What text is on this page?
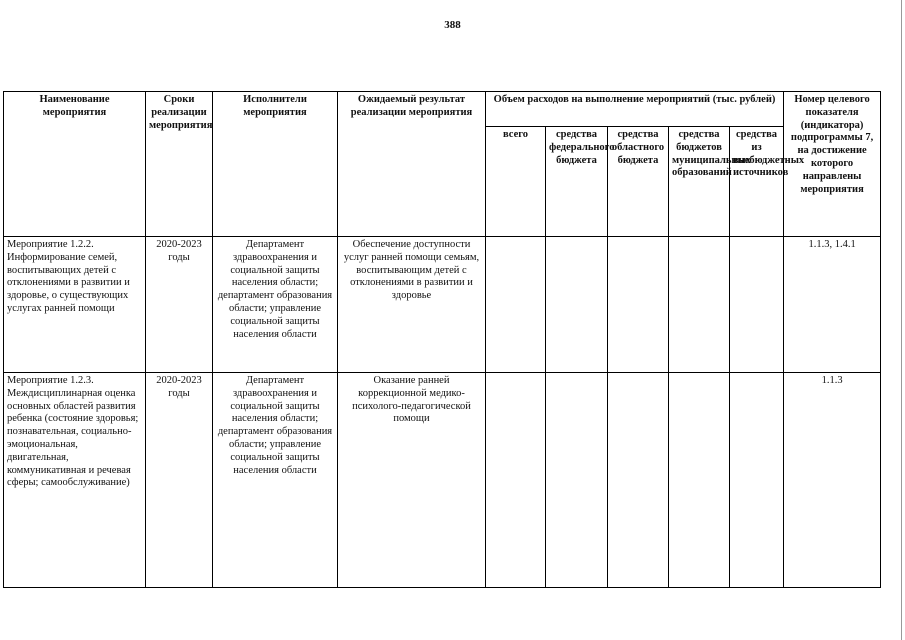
388
Наименование мероприятия	Сроки реализации мероприятия	Исполнители мероприятия	Ожидаемый результат реализации мероприятия	Объем расходов на выполнение мероприятий (тыс. рублей)					Номер целевого показателя (индикатора) подпрограммы 7, на достижение которого направлены мероприятия
				всего	средства федерального бюджета	средства областного бюджета	средства бюджетов муниципальных образований	средства из внебюджетных источников	
Мероприятие 1.2.2. Информирование семей, воспитывающих детей с отклонениями в развитии и здоровье, о существующих услугах ранней помощи	2020-2023 годы	Департамент здравоохранения и социальной защиты населения области; департамент образования области; управление социальной защиты населения области	Обеспечение доступности услуг ранней помощи семьям, воспитывающим детей с отклонениями в развитии и здоровье						1.1.3, 1.4.1
Мероприятие 1.2.3. Междисциплинарная оценка основных областей развития ребенка (состояние здоровья; познавательная, социально-эмоциональная, двигательная, коммуникативная и речевая сферы; самообслуживание)	2020-2023 годы	Департамент здравоохранения и социальной защиты населения области; департамент образования области; управление социальной защиты населения области	Оказание ранней коррекционной медико-психолого-педагогической помощи						1.1.3
